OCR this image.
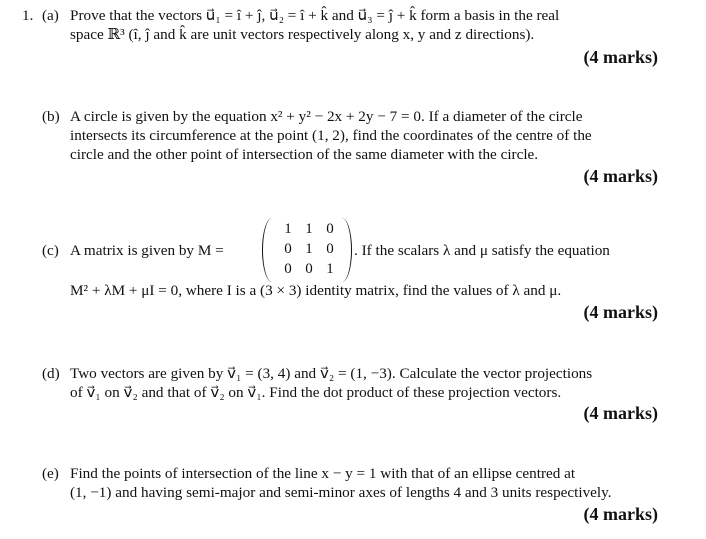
1. (a) Prove that the vectors u⃗₁ = î + ĵ, u⃗₂ = î + k̂ and u⃗₃ = ĵ + k̂ form a basis in the real
space ℝ³ (î, ĵ and k̂ are unit vectors respectively along x, y and z directions).
(4 marks)
(b) A circle is given by the equation x² + y² − 2x + 2y − 7 = 0. If a diameter of the circle
intersects its circumference at the point (1, 2), find the coordinates of the centre of the
circle and the other point of intersection of the same diameter with the circle.
(4 marks)
(c) A matrix is given by M =
1 1 0
0 1 0
0 0 1
. If the scalars λ and μ satisfy the equation
M² + λM + μI = 0, where I is a (3 × 3) identity matrix, find the values of λ and μ.
(4 marks)
(d) Two vectors are given by v⃗₁ = (3, 4) and v⃗₂ = (1, −3). Calculate the vector projections
of v⃗₁ on v⃗₂ and that of v⃗₂ on v⃗₁. Find the dot product of these projection vectors.
(4 marks)
(e) Find the points of intersection of the line x − y = 1 with that of an ellipse centred at
(1, −1) and having semi-major and semi-minor axes of lengths 4 and 3 units respectively.
(4 marks)
